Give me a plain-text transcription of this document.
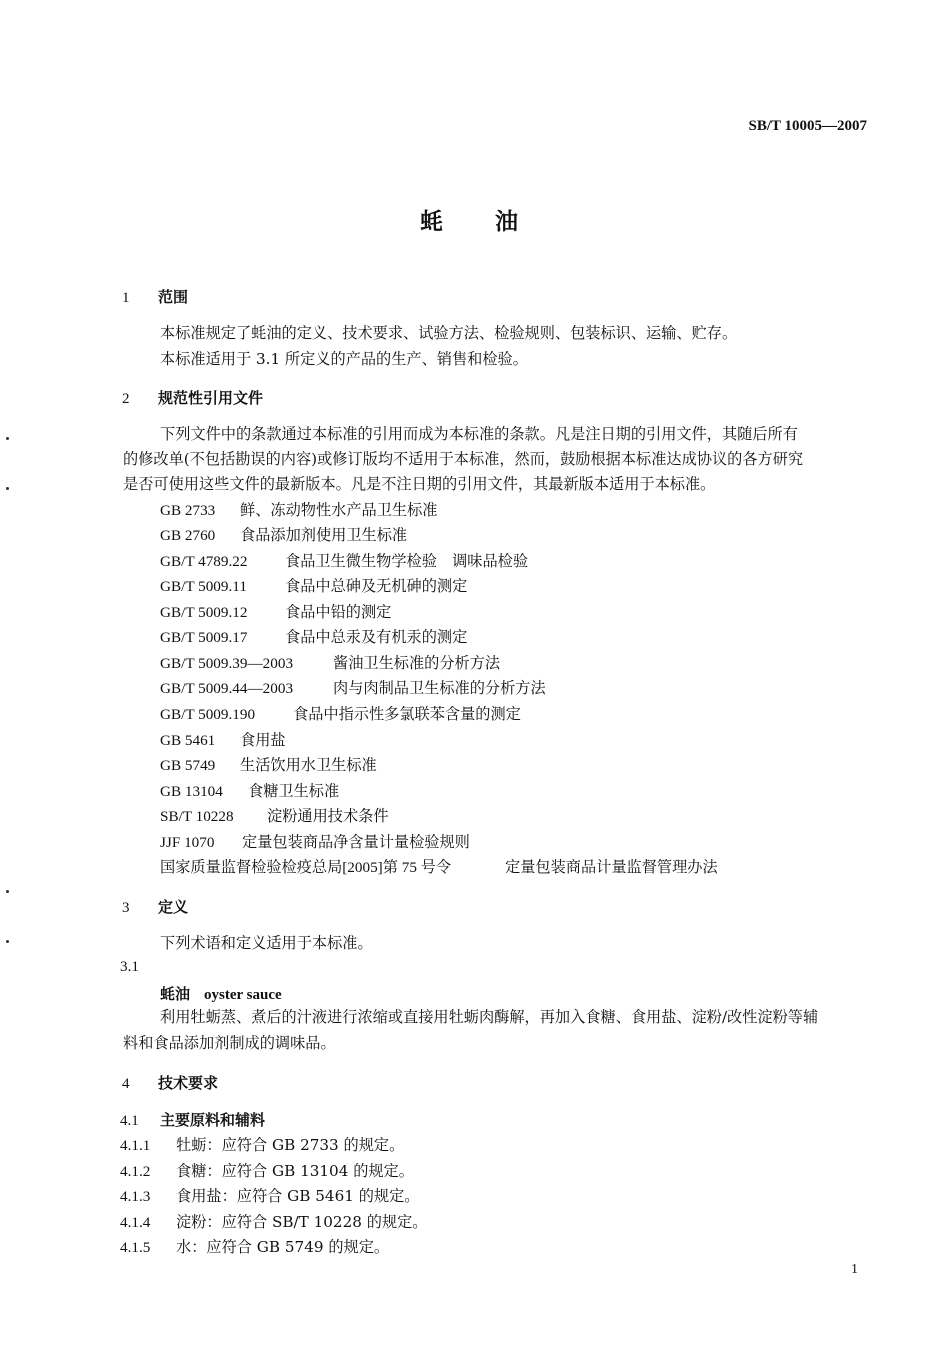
SB/T 10005—2007
蚝油
1 范围
本标准规定了蚝油的定义、技术要求、试验方法、检验规则、包装标识、运输、贮存。
本标准适用于 3.1 所定义的产品的生产、销售和检验。
2 规范性引用文件
下列文件中的条款通过本标准的引用而成为本标准的条款。凡是注日期的引用文件，其随后所有
的修改单(不包括勘误的内容)或修订版均不适用于本标准，然而，鼓励根据本标准达成协议的各方研究
是否可使用这些文件的最新版本。凡是不注日期的引用文件，其最新版本适用于本标准。
GB 2733 鲜、冻动物性水产品卫生标准
GB 2760 食品添加剂使用卫生标准
GB/T 4789.22 食品卫生微生物学检验　调味品检验
GB/T 5009.11	食品中总砷及无机砷的测定
GB/T 5009.12 食品中铅的测定
GB/T 5009.17 食品中总汞及有机汞的测定
GB/T 5009.39—2003	酱油卫生标准的分析方法
GB/T 5009.44—2003	肉与肉制品卫生标准的分析方法
GB/T 5009.190 食品中指示性多氯联苯含量的测定
GB 5461 食用盐
GB 5749 生活饮用水卫生标准
GB 13104 食糖卫生标准
SB/T 10228 淀粉通用技术条件
JJF 1070 定量包装商品净含量计量检验规则
国家质量监督检验检疫总局[2005]第 75 号令	定量包装商品计量监督管理办法
3 定义
下列术语和定义适用于本标准。
3.1
蚝油 oyster sauce
利用牡蛎蒸、煮后的汁液进行浓缩或直接用牡蛎肉酶解，再加入食糖、食用盐、淀粉/改性淀粉等辅
料和食品添加剂制成的调味品。
4 技术要求
4.1 主要原料和辅料
4.1.1 牡蛎：应符合 GB 2733 的规定。
4.1.2 食糖：应符合 GB 13104 的规定。
4.1.3 食用盐：应符合 GB 5461 的规定。
4.1.4 淀粉：应符合 SB/T 10228 的规定。
4.1.5 水：应符合 GB 5749 的规定。
1
